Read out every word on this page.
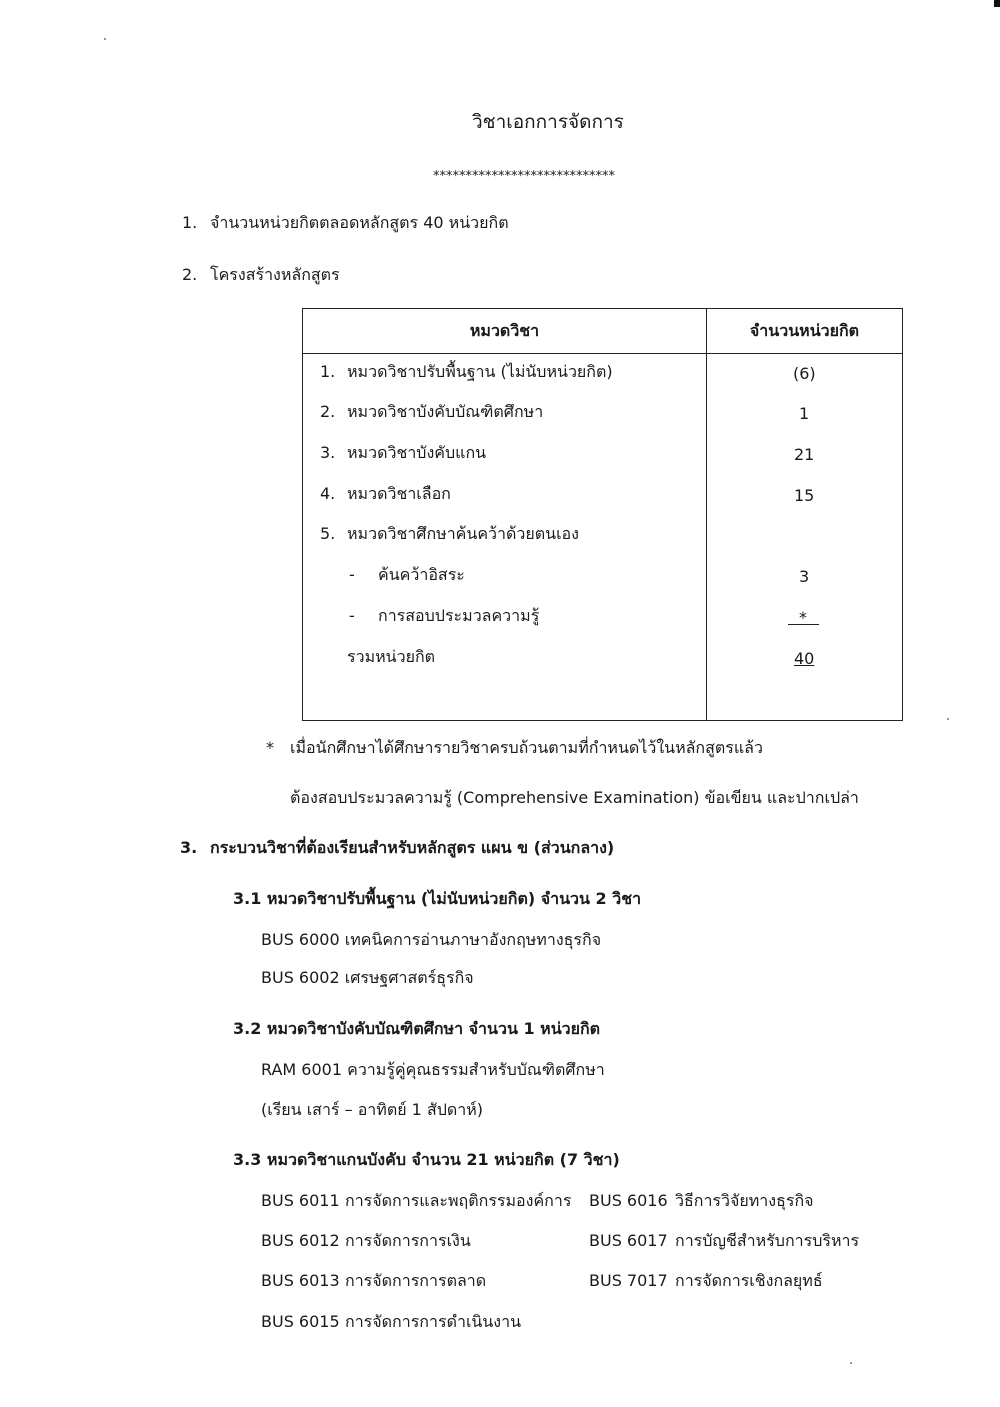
วิชาเอกการจัดการ
****************************
1. จำนวนหน่วยกิตตลอดหลักสูตร 40 หน่วยกิต
2. โครงสร้างหลักสูตร
หมวดวิชา	จำนวนหน่วยกิต

1. หมวดวิชาปรับพื้นฐาน (ไม่นับหน่วยกิต)	(6)
2. หมวดวิชาบังคับบัณฑิตศึกษา	1
3. หมวดวิชาบังคับแกน	21
4. หมวดวิชาเลือก	15
5. หมวดวิชาศึกษาค้นคว้าด้วยตนเอง
- ค้นคว้าอิสระ	3
- การสอบประมวลความรู้	*
รวมหน่วยกิต	40
* เมื่อนักศึกษาได้ศึกษารายวิชาครบถ้วนตามที่กำหนดไว้ในหลักสูตรแล้ว
ต้องสอบประมวลความรู้ (Comprehensive Examination) ข้อเขียน และปากเปล่า
3. กระบวนวิชาที่ต้องเรียนสำหรับหลักสูตร แผน ข (ส่วนกลาง)
3.1 หมวดวิชาปรับพื้นฐาน (ไม่นับหน่วยกิต) จำนวน 2 วิชา
BUS 6000 เทคนิคการอ่านภาษาอังกฤษทางธุรกิจ
BUS 6002 เศรษฐศาสตร์ธุรกิจ
3.2 หมวดวิชาบังคับบัณฑิตศึกษา จำนวน 1 หน่วยกิต
RAM 6001 ความรู้คู่คุณธรรมสำหรับบัณฑิตศึกษา
(เรียน เสาร์ – อาทิตย์ 1 สัปดาห์)
3.3 หมวดวิชาแกนบังคับ จำนวน 21 หน่วยกิต (7 วิชา)
BUS 6011 การจัดการและพฤติกรรมองค์การ BUS 6016 วิธีการวิจัยทางธุรกิจ
BUS 6012 การจัดการการเงิน	BUS 6017 การบัญชีสำหรับการบริหาร
BUS 6013 การจัดการการตลาด	BUS 7017 การจัดการเชิงกลยุทธ์
BUS 6015 การจัดการการดำเนินงาน
